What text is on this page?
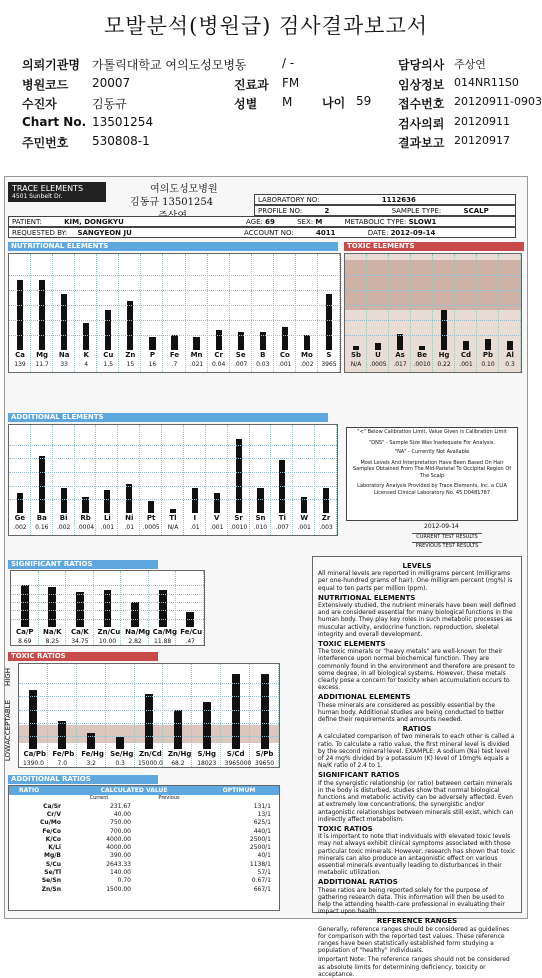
모발분석(병원급) 검사결과보고서
의뢰기관명 가톨릭대학교 여의도성모병동	/ -
병원코드 20007	진료과 FM
수진자	김동규	성별 M
Chart No. 13501254
주민번호 530808-1
담당의사 주상연
임상정보 014NR11S0
접수번호 20120911-0903
검사의뢰 20120911
결과보고 20120917
나이 59
TRACE ELEMENTS
4501 Sunbelt Dr.
여의도성모병원
김동규 13501254	LABORATORY NO:	1112636
PROFILE NO:	2	SAMPLE TYPE:	SCALP
PATIENT:	KIM, DONGKYU	AGE: 69	SEX: M	METABOLIC TYPE: SLOW1
REQUESTED BY: SANGYEON JU	ACCOUNT NO:	4011	DATE: 2012-09-14
NUTRITIONAL ELEMENTS	TOXIC ELEMENTS
ADDITIONAL ELEMENTS
SIGNIFICANT RATIOS
TOXIC RATIOS
ADDITIONAL RATIOS
Ca
139
Mg
11.7
Na
33
K
4
Cu
1.5
Zn
15
P
16
Fe
.7
Mn
.021
Cr
0.04
Se
.007
B
0.03
Co
.001
Mo
.002
S
3965
Sb
N/A
U
.0005
As
.017
Be
.0010
Hg
0.22
Cd
.001
Pb
0.10
Al
0.3
Ge
.002
Ba
0.16
Bi
.002
Rb
.0004
Li
.001
Ni
.01
Pt
.0005
Tl
N/A
I
.01
V
.001
Sr
.0010
Sn
.010
Ti
.007
W
.001
Zr
.003
Ca/P
8.69
Na/K
8.25
Ca/K
34.75
Zn/Cu
10.00
Na/Mg
2.82
Ca/Mg
11.88
Fe/Cu
.47
Ca/Pb
1390.0
Fe/Pb
7.0
Fe/Hg
3.2
Se/Hg
0.3
Zn/Cd
15000.0
Zn/Hg
68.2
S/Hg
18023
S/Cd
3965000
S/Pb
39650
HIGH
ACCEPTABLE
LOW
"<" Below Calibration Limit, Value Given is Calibration Limit
"DNS" - Sample Size Was Inadequate For Analysis.
"NA" - Currently Not Available
Most Levels And Interpretation Have Been Based On Hair Samples Obtained From The Mid-Parietal To Occipital Region Of The Scalp
Laboratory Analysis Provided by Trace Elements, Inc. a CLIA Licensed Clinical Laboratory No. 45 D0481787
2012-09-14
CURRENT TEST RESULTS
PREVIOUS TEST RESULTS
RATIO	CALCULATED VALUE	OPTIMUM
Current	Previous
Ca/Sr	231.67		131/1
Cr/V	40.00		13/1
Cu/Mo	750.00		625/1
Fe/Co	700.00		440/1
K/Co	4000.00		2500/1
K/Li	4000.00		2500/1
Mg/B	390.00		40/1
S/Cu	2643.33		1138/1
Se/Tl	140.00		57/1
Se/Sn	0.70		0.67/1
Zn/Sn	1500.00		667/1
LEVELS
All mineral levels are reported in milligrams percent (milligrams per one-hundred grams of hair). One milligram percent (mg%) is equal to ten parts per million (ppm).
NUTRITIONAL ELEMENTS
Extensively studied, the nutrient minerals have been well defined and are considered essential for many biological functions in the human body. They play key roles in such metabolic processes as muscular activity, endocrine function, reproduction, skeletal integrity and overall development.
TOXIC ELEMENTS
The toxic minerals or "heavy metals" are well-known for their interference upon normal biochemical function. They are commonly found in the environment and therefore are present to some degree, in all biological systems. However, these metals clearly pose a concern for toxicity when accumulation occurs to excess.
ADDITIONAL ELEMENTS
These minerals are considered as possibly essential by the human body. Additional studies are being conducted to better define their requirements and amounts needed.
RATIOS
A calculated comparison of two minerals to each other is called a ratio. To calculate a ratio value, the first mineral level is divided by the second mineral level. EXAMPLE: A sodium (Na) test level of 24 mg% divided by a potassium (K) level of 10mg% equals a Na/K ratio of 2.4 to 1.
SIGNIFICANT RATIOS
If the synergistic relationship (or ratio) between certain minerals in the body is disturbed, studies show that normal biological functions and metabolic activity can be adversely affected. Even at extremely low concentrations, the synergistic and/or antagonistic relationships between minerals still exist, which can indirectly affect metabolism.
TOXIC RATIOS
It is important to note that individuals with elevated toxic levels may not always exhibit clinical symptoms associated with those particular toxic minerals. However, research has shown that toxic minerals can also produce an antagonistic effect on various essential minerals eventually leading to disturbances in their metabolic utilization.
ADDITIONAL RATIOS
These ratios are being reported solely for the purpose of gathering research data. This information will then be used to help the attending health-care professional in evaluating their impact upon health.
REFERENCE RANGES
Generally, reference ranges should be considered as guidelines for comparison with the reported test values. These reference ranges have been statistically established form studying a population of "healthy" individuals.
Important Note: The reference ranges should not be considered as absolute limits for determining deficiency, toxicity or acceptance.
